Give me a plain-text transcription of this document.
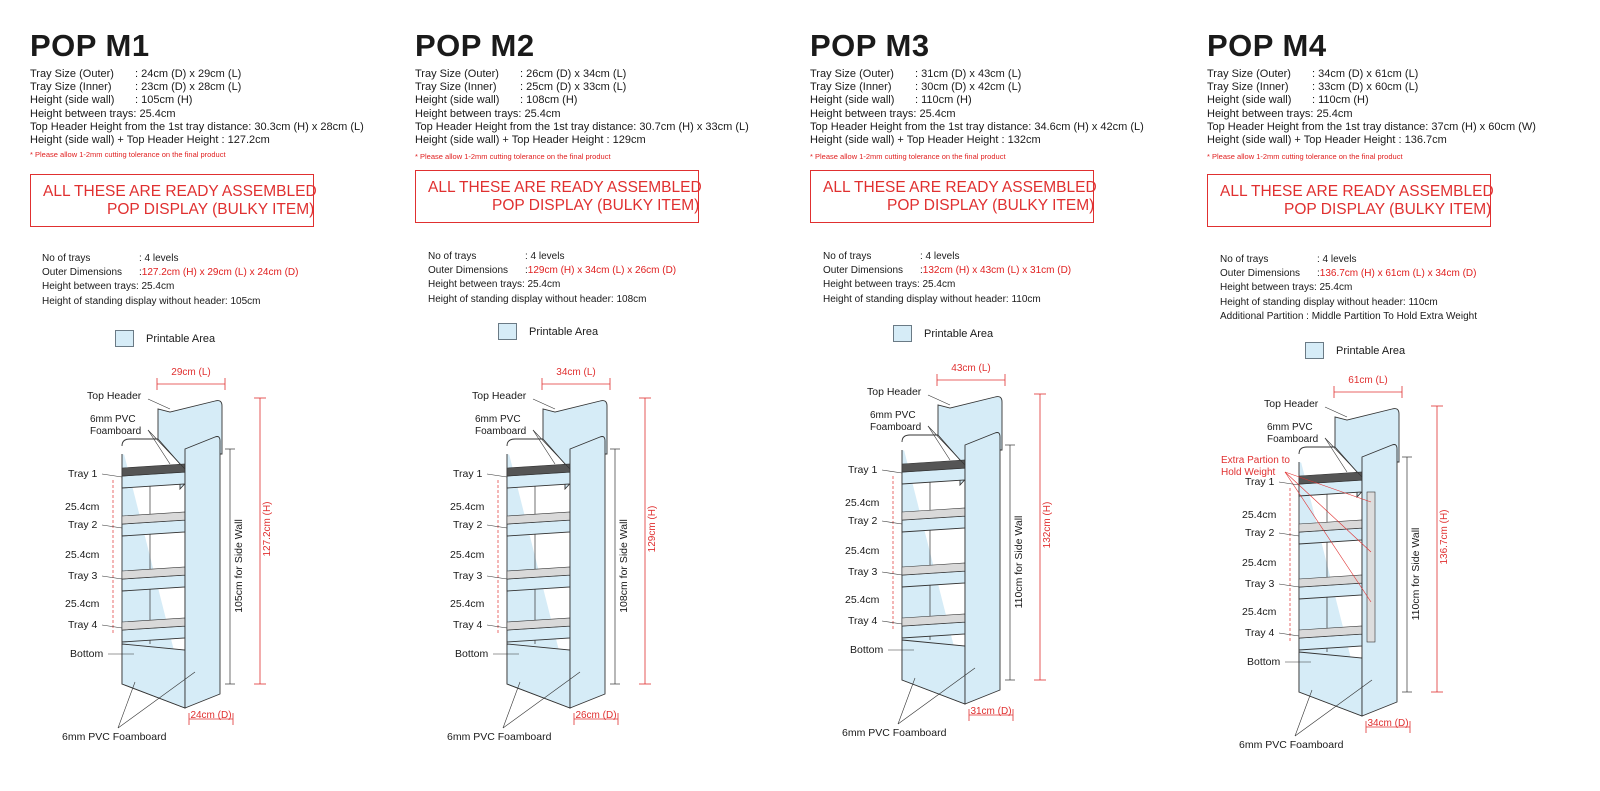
POP M1
Tray Size (Outer)	: 24cm (D) x 29cm (L)
Tray Size (Inner)	: 23cm (D) x 28cm (L)
Height (side wall)	: 105cm (H)
Height between trays: 25.4cm
Top Header Height from the 1st tray distance: 30.3cm (H) x 28cm (L)
Height (side wall) + Top Header Height : 127.2cm
* Please allow 1-2mm cutting tolerance on the final product
ALL THESE ARE READY ASSEMBLED
POP DISPLAY (BULKY ITEM)
No of trays	: 4 levels
Outer Dimensions	: 127.2cm (H) x 29cm (L) x 24cm (D)
Height between trays: 25.4cm
Height of standing display without header: 105cm
Printable Area
POP M2
Tray Size (Outer)	: 26cm (D) x 34cm (L)
Tray Size (Inner)	: 25cm (D) x 33cm (L)
Height (side wall)	: 108cm (H)
Height between trays: 25.4cm
Top Header Height from the 1st tray distance: 30.7cm (H) x 33cm (L)
Height (side wall) + Top Header Height : 129cm
* Please allow 1-2mm cutting tolerance on the final product
ALL THESE ARE READY ASSEMBLED
POP DISPLAY (BULKY ITEM)
No of trays	: 4 levels
Outer Dimensions	: 129cm (H) x 34cm (L) x 26cm (D)
Height between trays: 25.4cm
Height of standing display without header: 108cm
Printable Area
POP M3
Tray Size (Outer)	: 31cm (D) x 43cm (L)
Tray Size (Inner)	: 30cm (D) x 42cm (L)
Height (side wall)	: 110cm (H)
Height between trays: 25.4cm
Top Header Height from the 1st tray distance: 34.6cm (H) x 42cm (L)
Height (side wall) + Top Header Height : 132cm
* Please allow 1-2mm cutting tolerance on the final product
ALL THESE ARE READY ASSEMBLED
POP DISPLAY (BULKY ITEM)
No of trays	: 4 levels
Outer Dimensions	: 132cm (H) x 43cm (L) x 31cm (D)
Height between trays: 25.4cm
Height of standing display without header: 110cm
Printable Area
POP M4
Tray Size (Outer)	: 34cm (D) x 61cm (L)
Tray Size (Inner)	: 33cm (D) x 60cm (L)
Height (side wall)	: 110cm (H)
Height between trays: 25.4cm
Top Header Height from the 1st tray distance: 37cm (H) x 60cm (W)
Height (side wall) + Top Header Height : 136.7cm
* Please allow 1-2mm cutting tolerance on the final product
ALL THESE ARE READY ASSEMBLED
POP DISPLAY (BULKY ITEM)
No of trays	: 4 levels
Outer Dimensions	: 136.7cm (H) x 61cm (L) x 34cm (D)
Height between trays: 25.4cm
Height of standing display without header: 110cm
Additional Partition : Middle Partition To Hold Extra Weight
Printable Area
29cm (L)
24cm (D)
127.2cm (H)
105cm for Side Wall
Top Header
6mm PVC
Foamboard
Tray 1
Tray 2
Tray 3
Tray 4
25.4cm
25.4cm
25.4cm
Bottom
6mm PVC Foamboard
34cm (L)
26cm (D)
129cm (H)
108cm for Side Wall
Top Header
6mm PVC
Foamboard
Tray 1
Tray 2
Tray 3
Tray 4
25.4cm
25.4cm
25.4cm
Bottom
6mm PVC Foamboard
43cm (L)
31cm (D)
132cm (H)
110cm for Side Wall
Top Header
6mm PVC
Foamboard
Tray 1
Tray 2
Tray 3
Tray 4
25.4cm
25.4cm
25.4cm
Bottom
6mm PVC Foamboard
61cm (L)
34cm (D)
136.7cm (H)
110cm for Side Wall
Top Header
6mm PVC
Foamboard
Extra Partion to
Hold Weight
Tray 1
Tray 2
Tray 3
Tray 4
25.4cm
25.4cm
25.4cm
Bottom
6mm PVC Foamboard
